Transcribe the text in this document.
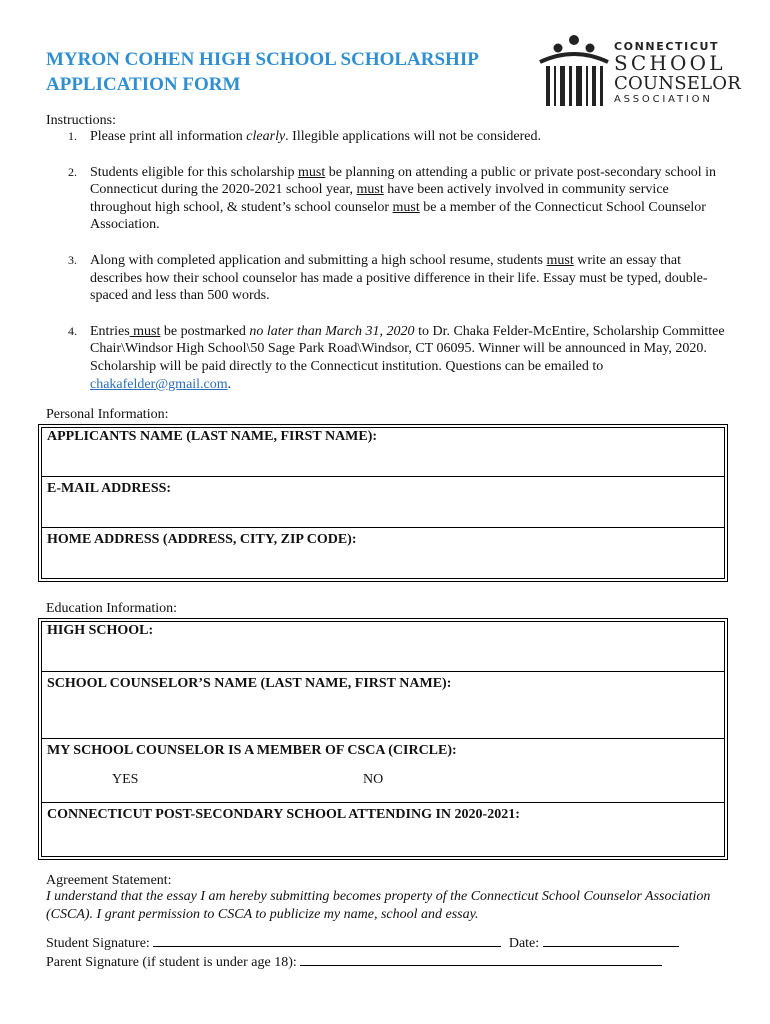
MYRON COHEN HIGH SCHOOL SCHOLARSHIP
APPLICATION FORM
CONNECTICUT
SCHOOL
COUNSELOR
ASSOCIATION
Instructions:
1. Please print all information clearly. Illegible applications will not be considered.
2. Students eligible for this scholarship must be planning on attending a public or private post-secondary school in Connecticut during the 2020-2021 school year, must have been actively involved in community service throughout high school, & student’s school counselor must be a member of the Connecticut School Counselor Association.
3. Along with completed application and submitting a high school resume, students must write an essay that describes how their school counselor has made a positive difference in their life. Essay must be typed, double-spaced and less than 500 words.
4. Entries must be postmarked no later than March 31, 2020 to Dr. Chaka Felder-McEntire, Scholarship Committee Chair\Windsor High School\50 Sage Park Road\Windsor, CT 06095. Winner will be announced in May, 2020. Scholarship will be paid directly to the Connecticut institution. Questions can be emailed to chakafelder@gmail.com.
Personal Information:
APPLICANTS NAME (LAST NAME, FIRST NAME):
E-MAIL ADDRESS:
HOME ADDRESS (ADDRESS, CITY, ZIP CODE):
Education Information:
HIGH SCHOOL:
SCHOOL COUNSELOR’S NAME (LAST NAME, FIRST NAME):
MY SCHOOL COUNSELOR IS A MEMBER OF CSCA (CIRCLE):
YES	NO
CONNECTICUT POST-SECONDARY SCHOOL ATTENDING IN 2020-2021:
Agreement Statement:
I understand that the essay I am hereby submitting becomes property of the Connecticut School Counselor Association (CSCA). I grant permission to CSCA to publicize my name, school and essay.
Student Signature:	Date:
Parent Signature (if student is under age 18):
